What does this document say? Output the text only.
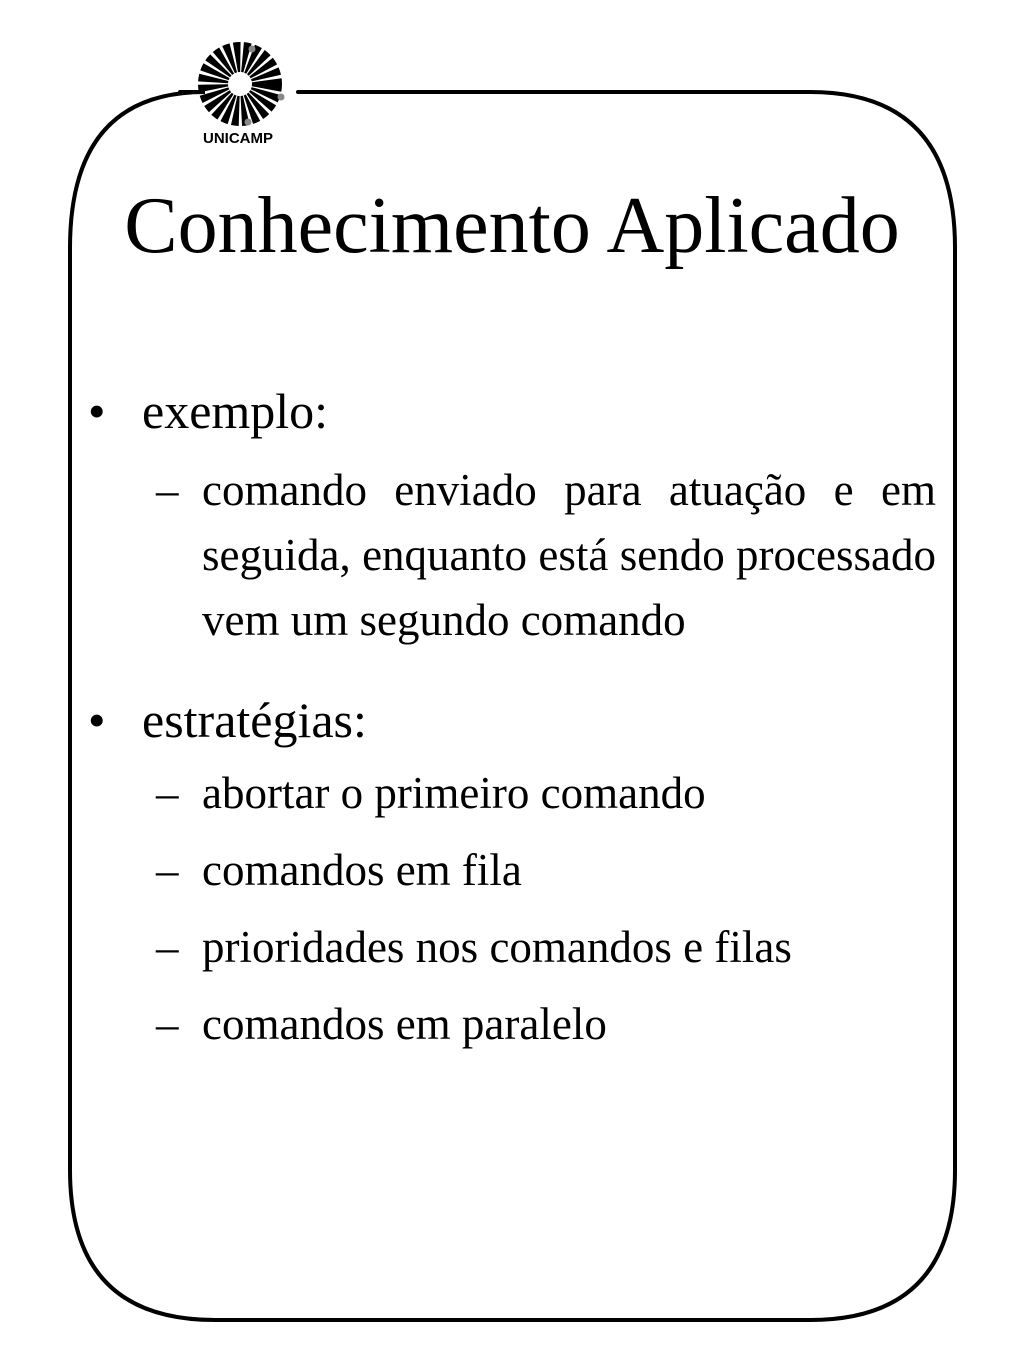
UNICAMP
Conhecimento Aplicado
• exemplo:
– comando enviado para atuação e em seguida, enquanto está sendo processado vem um segundo comando
• estratégias:
– abortar o primeiro comando
– comandos em fila
– prioridades nos comandos e filas
– comandos em paralelo
